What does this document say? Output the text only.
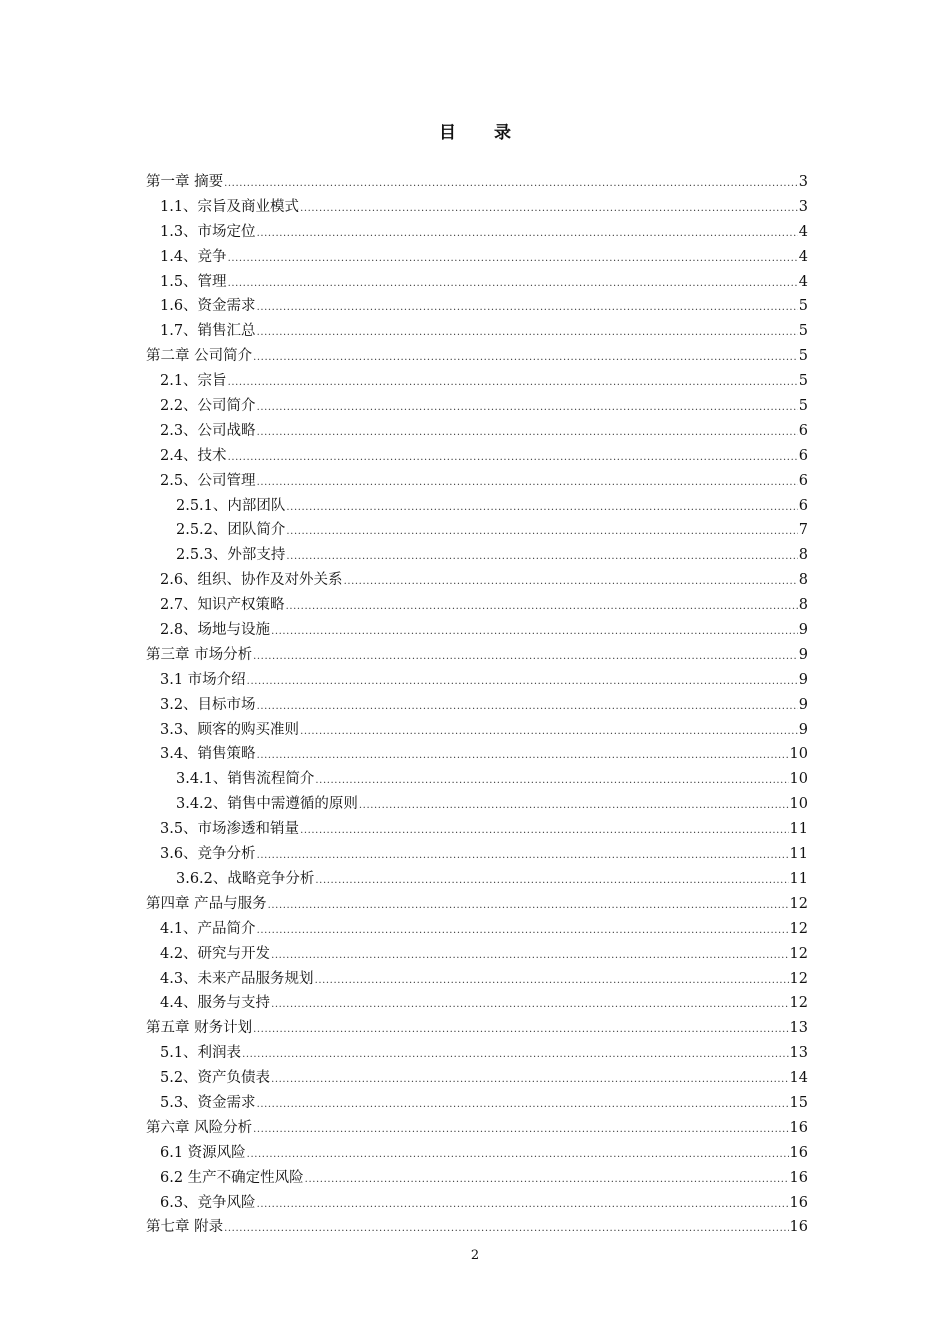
目 录
第一章 摘要 .....	3
1.1、宗旨及商业模式 .....	3
1.3、市场定位 .....	4
1.4、竞争 .....	4
1.5、管理 .....	4
1.6、资金需求 .....	5
1.7、销售汇总 .....	5
第二章 公司简介 .....	5
2.1、宗旨 .....	5
2.2、公司简介 .....	5
2.3、公司战略 .....	6
2.4、技术 .....	6
2.5、公司管理 .....	6
2.5.1、内部团队 .....	6
2.5.2、团队简介 .....	7
2.5.3、外部支持 .....	8
2.6、组织、协作及对外关系 .....	8
2.7、知识产权策略 .....	8
2.8、场地与设施 .....	9
第三章 市场分析 .....	9
3.1 市场介绍 .....	9
3.2、目标市场 .....	9
3.3、顾客的购买准则 .....	9
3.4、销售策略 .....	10
3.4.1、销售流程简介 .....	10
3.4.2、销售中需遵循的原则 .....	10
3.5、市场渗透和销量 .....	11
3.6、竞争分析 .....	11
3.6.2、战略竞争分析 .....	11
第四章 产品与服务 .....	12
4.1、产品简介 .....	12
4.2、研究与开发 .....	12
4.3、未来产品服务规划 .....	12
4.4、服务与支持 .....	12
第五章 财务计划 .....	13
5.1、利润表 .....	13
5.2、资产负债表 .....	14
5.3、资金需求 .....	15
第六章 风险分析 .....	16
6.1 资源风险 .....	16
6.2 生产不确定性风险 .....	16
6.3、竞争风险 .....	16
第七章 附录 .....	16
2
